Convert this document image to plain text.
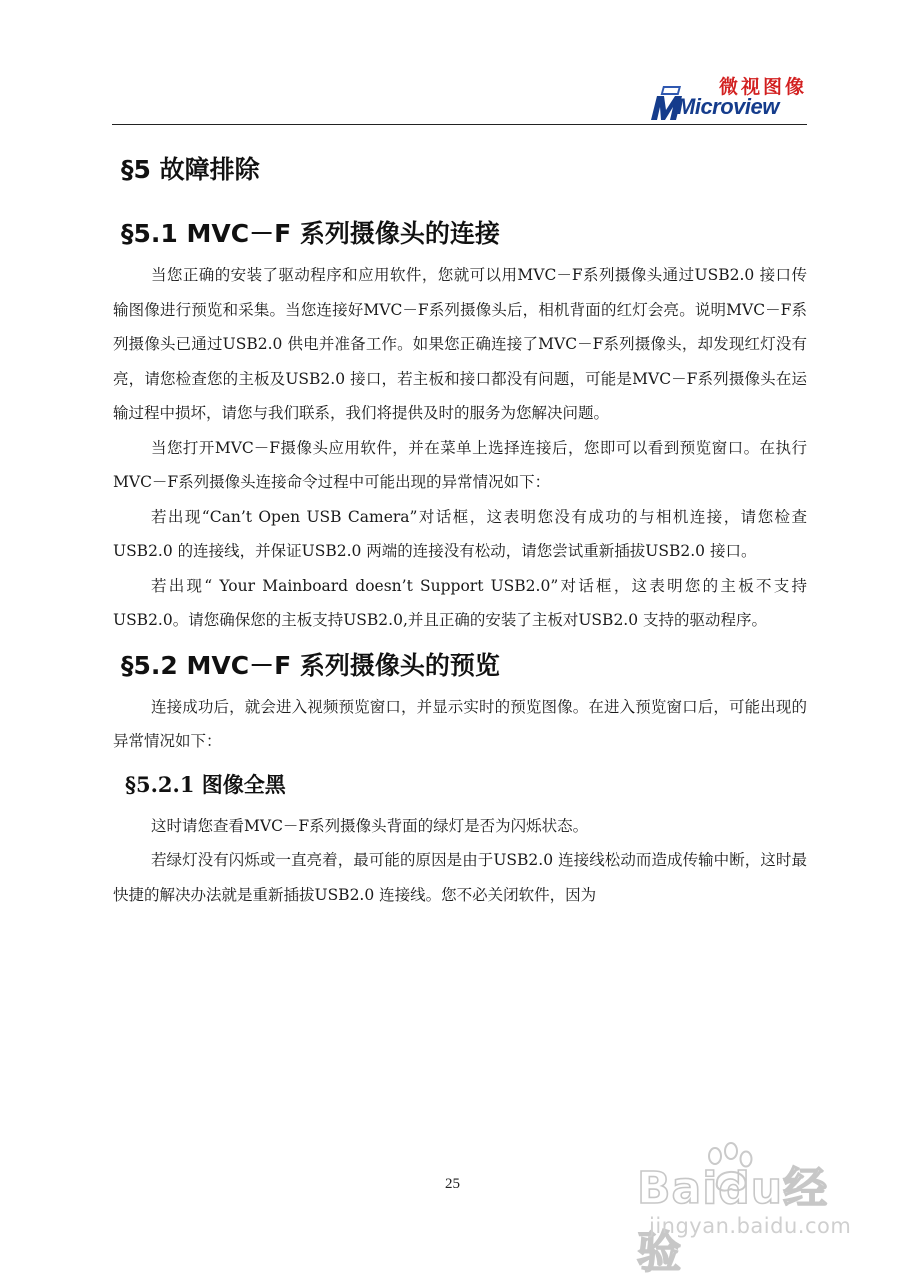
微视图像
Microview
§5 故障排除
§5.1 MVC－F 系列摄像头的连接

当您正确的安装了驱动程序和应用软件，您就可以用MVC－F系列摄像头通过USB2.0 接口传输图像进行预览和采集。当您连接好MVC－F系列摄像头后，相机背面的红灯会亮。说明MVC－F系列摄像头已通过USB2.0 供电并准备工作。如果您正确连接了MVC－F系列摄像头，却发现红灯没有亮，请您检查您的主板及USB2.0 接口，若主板和接口都没有问题，可能是MVC－F系列摄像头在运输过程中损坏，请您与我们联系，我们将提供及时的服务为您解决问题。

当您打开MVC－F摄像头应用软件，并在菜单上选择连接后，您即可以看到预览窗口。在执行MVC－F系列摄像头连接命令过程中可能出现的异常情况如下：

若出现“Can’t Open USB Camera”对话框，这表明您没有成功的与相机连接，请您检查USB2.0 的连接线，并保证USB2.0 两端的连接没有松动，请您尝试重新插拔USB2.0 接口。

若出现“ Your Mainboard doesn’t Support USB2.0”对话框，这表明您的主板不支持USB2.0。请您确保您的主板支持USB2.0,并且正确的安装了主板对USB2.0 支持的驱动程序。

§5.2 MVC－F 系列摄像头的预览

连接成功后，就会进入视频预览窗口，并显示实时的预览图像。在进入预览窗口后，可能出现的异常情况如下：

§5.2.1 图像全黑

这时请您查看MVC－F系列摄像头背面的绿灯是否为闪烁状态。

若绿灯没有闪烁或一直亮着，最可能的原因是由于USB2.0 连接线松动而造成传输中断，这时最快捷的解决办法就是重新插拔USB2.0 连接线。您不必关闭软件，因为

25	Baidu经验
jingyan.baidu.com
